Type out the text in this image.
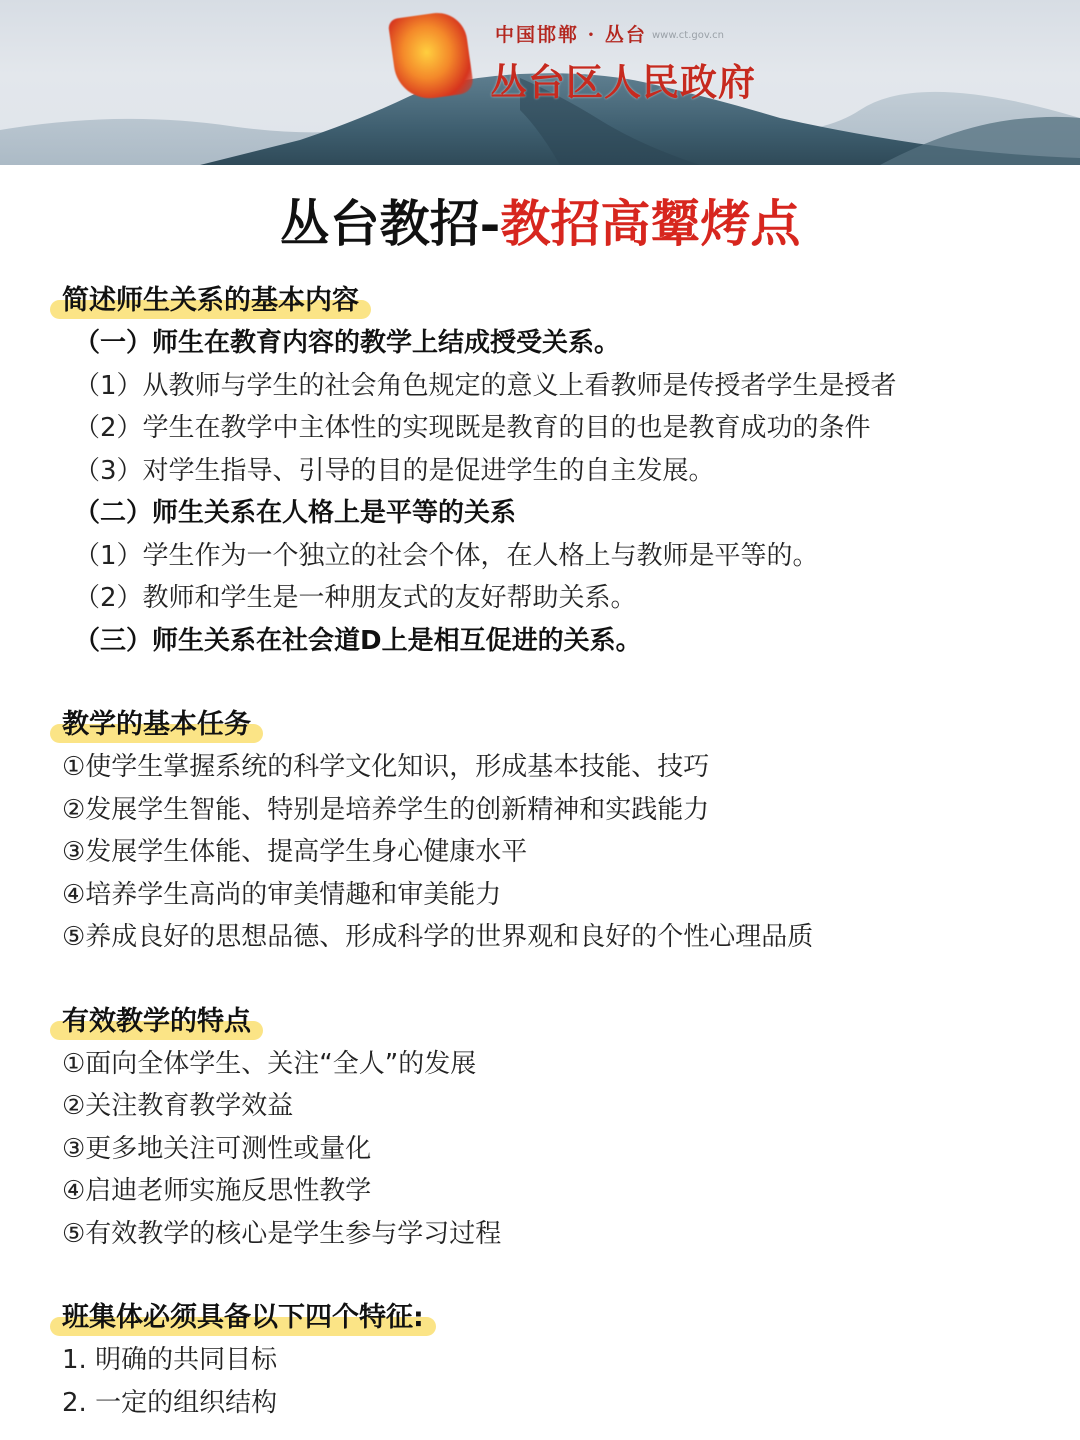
中国邯郸 · 丛台 www.ct.gov.cn
丛台区人民政府
丛台教招-教招高颦烤点
简述师生关系的基本内容
（一）师生在教育内容的教学上结成授受关系。
（1）从教师与学生的社会角色规定的意义上看教师是传授者学生是授者
（2）学生在教学中主体性的实现既是教育的目的也是教育成功的条件
（3）对学生指导、引导的目的是促进学生的自主发展。
（二）师生关系在人格上是平等的关系
（1）学生作为一个独立的社会个体，在人格上与教师是平等的。
（2）教师和学生是一种朋友式的友好帮助关系。
（三）师生关系在社会道D上是相互促进的关系。
教学的基本任务
①使学生掌握系统的科学文化知识，形成基本技能、技巧
②发展学生智能、特别是培养学生的创新精神和实践能力
③发展学生体能、提高学生身心健康水平
④培养学生高尚的审美情趣和审美能力
⑤养成良好的思想品德、形成科学的世界观和良好的个性心理品质
有效教学的特点
①面向全体学生、关注“全人”的发展
②关注教育教学效益
③更多地关注可测性或量化
④启迪老师实施反思性教学
⑤有效教学的核心是学生参与学习过程
班集体必须具备以下四个特征:
1. 明确的共同目标
2. 一定的组织结构
